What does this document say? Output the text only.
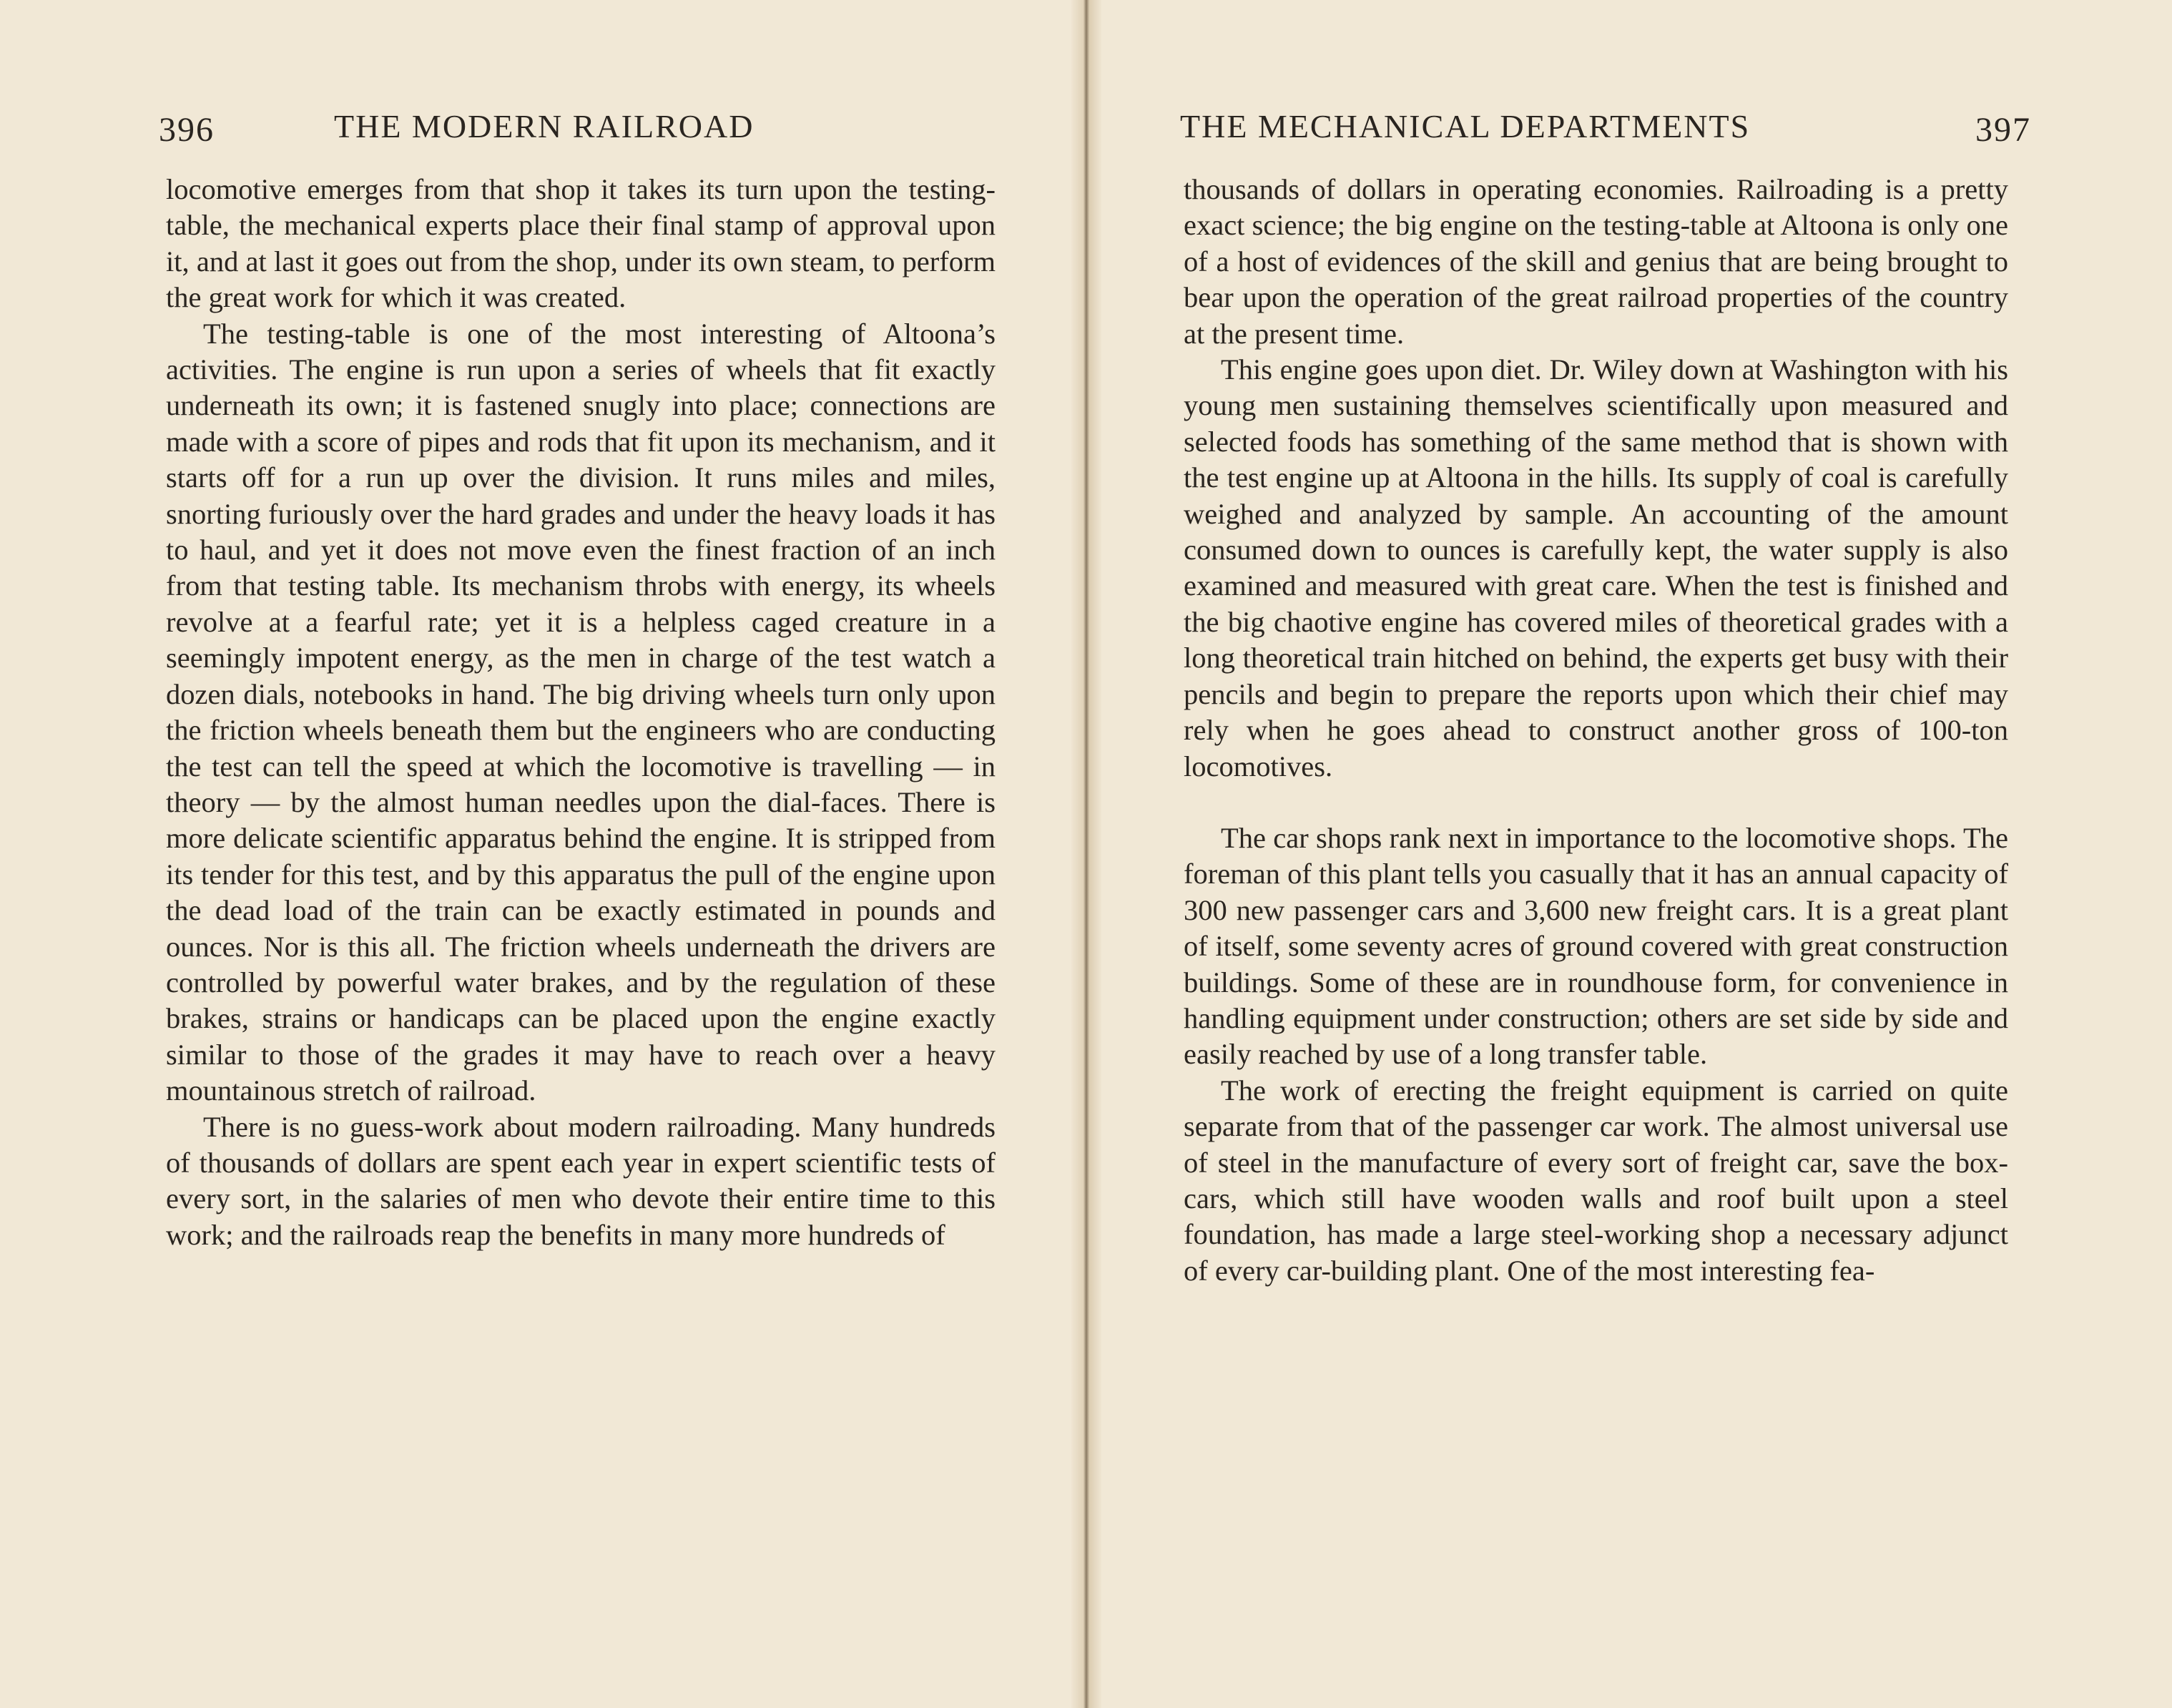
396	THE MODERN RAILROAD

locomotive emerges from that shop it takes its turn upon the testing-table, the mechanical experts place their final stamp of approval upon it, and at last it goes out from the shop, under its own steam, to perform the great work for which it was created.

The testing-table is one of the most interesting of Altoona’s activities. The engine is run upon a series of wheels that fit exactly underneath its own; it is fastened snugly into place; connections are made with a score of pipes and rods that fit upon its mechanism, and it starts off for a run up over the division. It runs miles and miles, snorting furiously over the hard grades and under the heavy loads it has to haul, and yet it does not move even the finest fraction of an inch from that testing table. Its mechanism throbs with energy, its wheels revolve at a fearful rate; yet it is a helpless caged creature in a seemingly impotent energy, as the men in charge of the test watch a dozen dials, notebooks in hand. The big driving wheels turn only upon the friction wheels beneath them but the engineers who are conducting the test can tell the speed at which the locomotive is travelling — in theory — by the almost human needles upon the dial-faces. There is more delicate scientific apparatus behind the engine. It is stripped from its tender for this test, and by this apparatus the pull of the engine upon the dead load of the train can be exactly estimated in pounds and ounces. Nor is this all. The friction wheels underneath the drivers are controlled by powerful water brakes, and by the regulation of these brakes, strains or handicaps can be placed upon the engine exactly similar to those of the grades it may have to reach over a heavy mountainous stretch of railroad.

There is no guess-work about modern railroading. Many hundreds of thousands of dollars are spent each year in expert scientific tests of every sort, in the salaries of men who devote their entire time to this work; and the railroads reap the benefits in many more hundreds of

THE MECHANICAL DEPARTMENTS	397

thousands of dollars in operating economies. Railroading is a pretty exact science; the big engine on the testing-table at Altoona is only one of a host of evidences of the skill and genius that are being brought to bear upon the operation of the great railroad properties of the country at the present time.

This engine goes upon diet. Dr. Wiley down at Washington with his young men sustaining themselves scientifically upon measured and selected foods has something of the same method that is shown with the test engine up at Altoona in the hills. Its supply of coal is carefully weighed and analyzed by sample. An accounting of the amount consumed down to ounces is carefully kept, the water supply is also examined and measured with great care. When the test is finished and the big chaotive engine has covered miles of theoretical grades with a long theoretical train hitched on behind, the experts get busy with their pencils and begin to prepare the reports upon which their chief may rely when he goes ahead to construct another gross of 100-ton locomotives.

The car shops rank next in importance to the locomotive shops. The foreman of this plant tells you casually that it has an annual capacity of 300 new passenger cars and 3,600 new freight cars. It is a great plant of itself, some seventy acres of ground covered with great construction buildings. Some of these are in roundhouse form, for convenience in handling equipment under construction; others are set side by side and easily reached by use of a long transfer table.

The work of erecting the freight equipment is carried on quite separate from that of the passenger car work. The almost universal use of steel in the manufacture of every sort of freight car, save the box-cars, which still have wooden walls and roof built upon a steel foundation, has made a large steel-working shop a necessary adjunct of every car-building plant. One of the most interesting fea-
